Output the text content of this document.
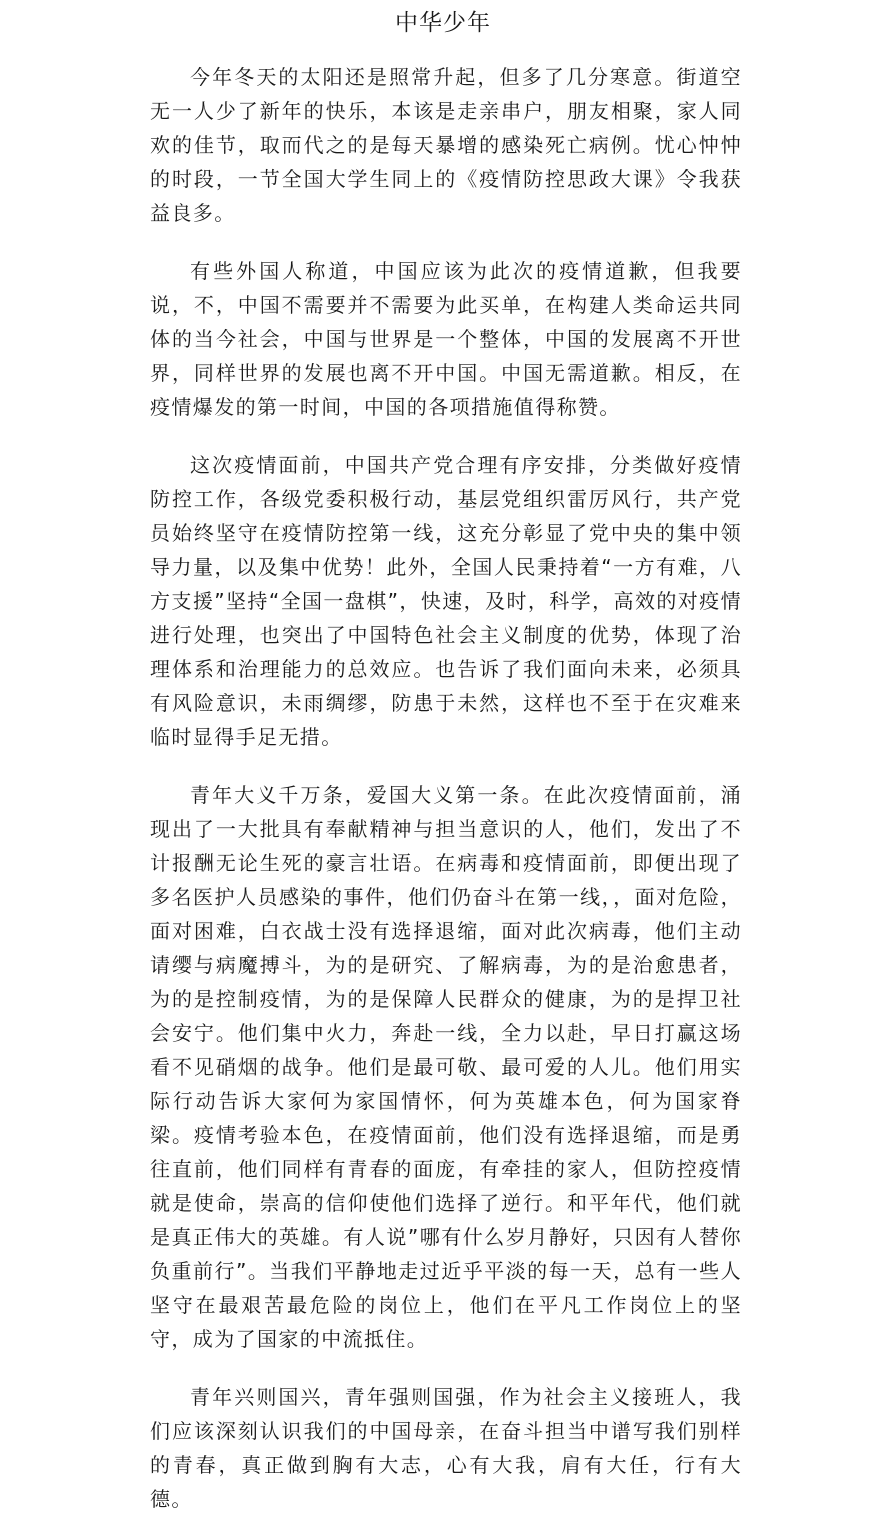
中华少年

今年冬天的太阳还是照常升起，但多了几分寒意。街道空无一人少了新年的快乐，本该是走亲串户，朋友相聚，家人同欢的佳节，取而代之的是每天暴增的感染死亡病例。忧心忡忡的时段，一节全国大学生同上的《疫情防控思政大课》令我获益良多。

有些外国人称道，中国应该为此次的疫情道歉，但我要说，不，中国不需要并不需要为此买单，在构建人类命运共同体的当今社会，中国与世界是一个整体，中国的发展离不开世界，同样世界的发展也离不开中国。中国无需道歉。相反，在疫情爆发的第一时间，中国的各项措施值得称赞。

这次疫情面前，中国共产党合理有序安排，分类做好疫情防控工作，各级党委积极行动，基层党组织雷厉风行，共产党员始终坚守在疫情防控第一线，这充分彰显了党中央的集中领导力量，以及集中优势！此外，全国人民秉持着“一方有难，八方支援”坚持“全国一盘棋”，快速，及时，科学，高效的对疫情进行处理，也突出了中国特色社会主义制度的优势，体现了治理体系和治理能力的总效应。也告诉了我们面向未来，必须具有风险意识，未雨绸缪，防患于未然，这样也不至于在灾难来临时显得手足无措。

青年大义千万条，爱国大义第一条。在此次疫情面前，涌现出了一大批具有奉献精神与担当意识的人，他们，发出了不计报酬无论生死的豪言壮语。在病毒和疫情面前，即便出现了多名医护人员感染的事件，他们仍奋斗在第一线，，面对危险，面对困难，白衣战士没有选择退缩，面对此次病毒，他们主动请缨与病魔搏斗，为的是研究、了解病毒，为的是治愈患者，为的是控制疫情，为的是保障人民群众的健康，为的是捍卫社会安宁。他们集中火力，奔赴一线，全力以赴，早日打赢这场看不见硝烟的战争。他们是最可敬、最可爱的人儿。他们用实际行动告诉大家何为家国情怀，何为英雄本色，何为国家脊梁。疫情考验本色，在疫情面前，他们没有选择退缩，而是勇往直前，他们同样有青春的面庞，有牵挂的家人，但防控疫情就是使命，崇高的信仰使他们选择了逆行。和平年代，他们就是真正伟大的英雄。有人说”哪有什么岁月静好，只因有人替你负重前行”。当我们平静地走过近乎平淡的每一天，总有一些人坚守在最艰苦最危险的岗位上，他们在平凡工作岗位上的坚守，成为了国家的中流抵住。

青年兴则国兴，青年强则国强，作为社会主义接班人，我们应该深刻认识我们的中国母亲，在奋斗担当中谱写我们别样的青春，真正做到胸有大志，心有大我，肩有大任，行有大德。
